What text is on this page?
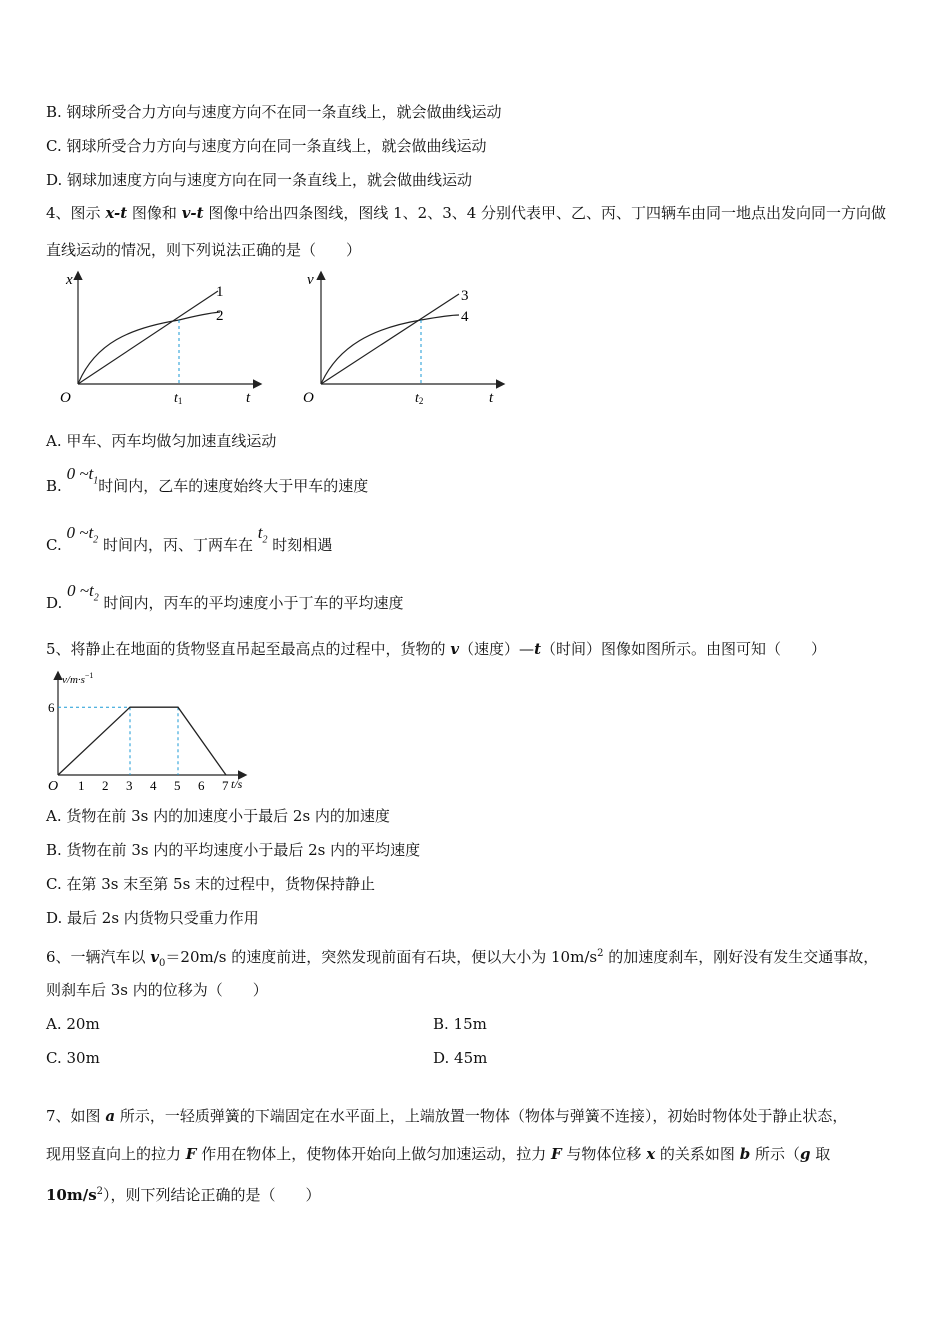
B. 钢球所受合力方向与速度方向不在同一条直线上，就会做曲线运动
C. 钢球所受合力方向与速度方向在同一条直线上，就会做曲线运动
D. 钢球加速度方向与速度方向在同一条直线上，就会做曲线运动
4、图示 x-t 图像和 v-t 图像中给出四条图线，图线 1、2、3、4 分别代表甲、乙、丙、丁四辆车由同一地点出发向同一方向做
直线运动的情况，则下列说法正确的是（　　）
x
t
O	t1
1
2
v
t
O	t2
3
4
A. 甲车、丙车均做匀加速直线运动
B. 0 $\sim t_1$时间内，乙车的速度始终大于甲车的速度
C. 0 $\sim t_2$ 时间内，丙、丁两车在 $t_2$ 时刻相遇
D. 0 $\sim t_2$ 时间内，丙车的平均速度小于丁车的平均速度
5、将静止在地面的货物竖直吊起至最高点的过程中，货物的 v（速度）—t（时间）图像如图所示。由图可知（　　）
1 2 3 4 5 6 7
$v/m\cdot s^{-1}$
6
O	t/s
A. 货物在前 3s 内的加速度小于最后 2s 内的加速度
B. 货物在前 3s 内的平均速度小于最后 2s 内的平均速度
C. 在第 3s 末至第 5s 末的过程中，货物保持静止
D. 最后 2s 内货物只受重力作用
6、一辆汽车以 $v_0=20m/s$ 的速度前进，突然发现前面有石块，便以大小为 $10m/s^2$ 的加速度刹车，刚好没有发生交通事故，
则刹车后 3s 内的位移为（　　）
A. 20m	B. 15m
C. 30m	D. 45m
7、如图 a 所示，一轻质弹簧的下端固定在水平面上，上端放置一物体（物体与弹簧不连接），初始时物体处于静止状态，
现用竖直向上的拉力 F 作用在物体上，使物体开始向上做匀加速运动，拉力 F 与物体位移 x 的关系如图 b 所示（g 取
$10m/s^2$），则下列结论正确的是（　　）
